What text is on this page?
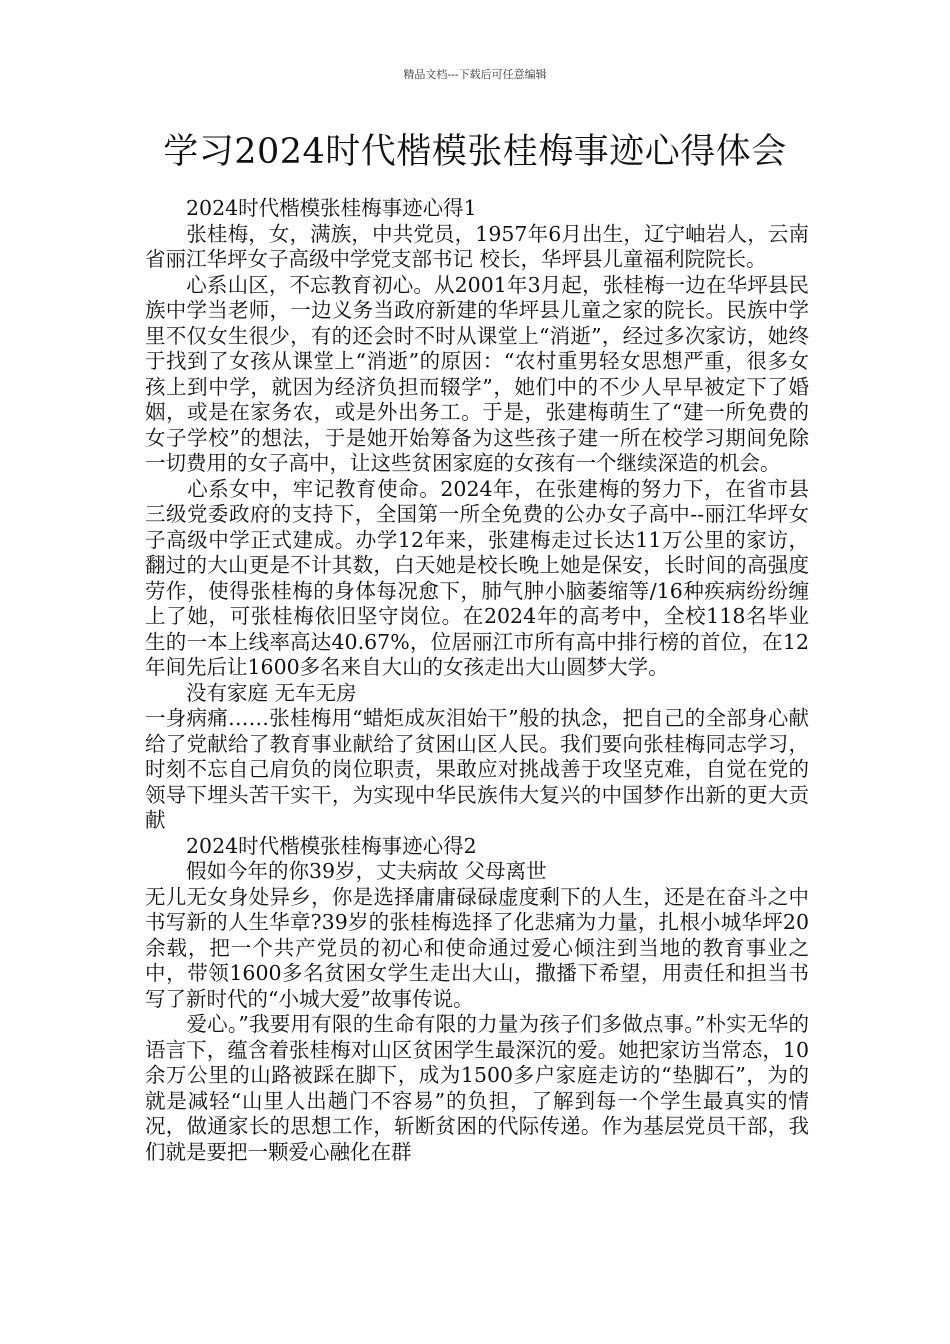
精品文档---下载后可任意编辑
学习2024时代楷模张桂梅事迹心得体会

　　2024时代楷模张桂梅事迹心得1

　　张桂梅，女，满族，中共党员，1957年6月出生，辽宁岫岩人，云南省丽江华坪女子高级中学党支部书记 校长，华坪县儿童福利院院长。

　　心系山区，不忘教育初心。从2001年3月起，张桂梅一边在华坪县民族中学当老师，一边义务当政府新建的华坪县儿童之家的院长。民族中学里不仅女生很少，有的还会时不时从课堂上“消逝”，经过多次家访，她终于找到了女孩从课堂上“消逝”的原因：“农村重男轻女思想严重，很多女孩上到中学，就因为经济负担而辍学”，她们中的不少人早早被定下了婚姻，或是在家务农，或是外出务工。于是，张建梅萌生了“建一所免费的女子学校”的想法，于是她开始筹备为这些孩子建一所在校学习期间免除一切费用的女子高中，让这些贫困家庭的女孩有一个继续深造的机会。

　　心系女中，牢记教育使命。2024年，在张建梅的努力下，在省市县三级党委政府的支持下，全国第一所全免费的公办女子高中--丽江华坪女子高级中学正式建成。办学12年来，张建梅走过长达11万公里的家访，翻过的大山更是不计其数，白天她是校长晚上她是保安，长时间的高强度劳作，使得张桂梅的身体每况愈下，肺气肿小脑萎缩等/16种疾病纷纷缠上了她，可张桂梅依旧坚守岗位。在2024年的高考中，全校118名毕业生的一本上线率高达40.67%，位居丽江市所有高中排行榜的首位，在12年间先后让1600多名来自大山的女孩走出大山圆梦大学。

　　没有家庭 无车无房

一身病痛……张桂梅用“蜡炬成灰泪始干”般的执念，把自己的全部身心献给了党献给了教育事业献给了贫困山区人民。我们要向张桂梅同志学习，时刻不忘自己肩负的岗位职责，果敢应对挑战善于攻坚克难，自觉在党的领导下埋头苦干实干，为实现中华民族伟大复兴的中国梦作出新的更大贡献

　　2024时代楷模张桂梅事迹心得2

　　假如今年的你39岁，丈夫病故 父母离世

无儿无女身处异乡，你是选择庸庸碌碌虚度剩下的人生，还是在奋斗之中书写新的人生华章?39岁的张桂梅选择了化悲痛为力量，扎根小城华坪20余载，把一个共产党员的初心和使命通过爱心倾注到当地的教育事业之中，带领1600多名贫困女学生走出大山，撒播下希望，用责任和担当书写了新时代的“小城大爱”故事传说。

　　爱心。”我要用有限的生命有限的力量为孩子们多做点事。”朴实无华的语言下，蕴含着张桂梅对山区贫困学生最深沉的爱。她把家访当常态，10余万公里的山路被踩在脚下，成为1500多户家庭走访的“垫脚石”，为的就是减轻“山里人出趟门不容易”的负担，了解到每一个学生最真实的情况，做通家长的思想工作，斩断贫困的代际传递。作为基层党员干部，我们就是要把一颗爱心融化在群
